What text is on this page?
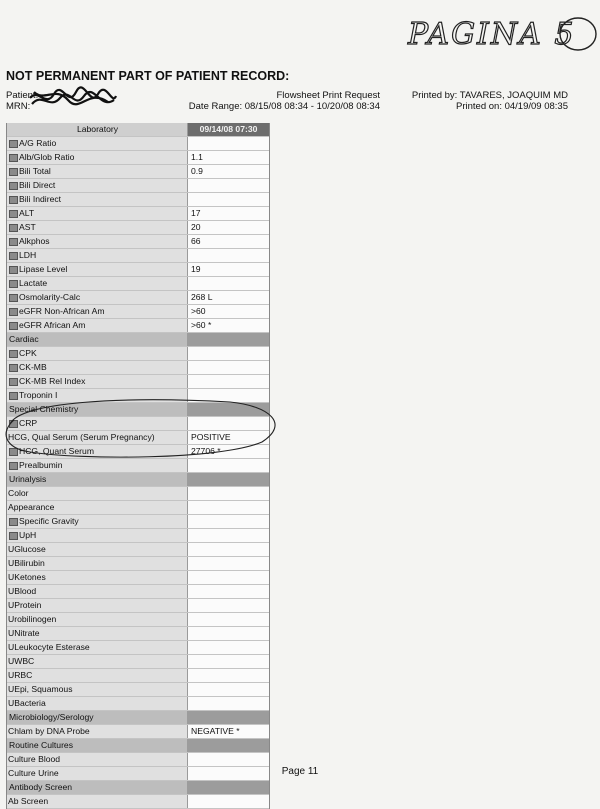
PAGINA 5
NOT PERMANENT PART OF PATIENT RECORD:
Patient:
MRN:
Flowsheet Print Request
Date Range: 08/15/08 08:34 - 10/20/08 08:34
Printed by: TAVARES, JOAQUIM MD
Printed on: 04/19/09 08:35
Laboratory	09/14/08 07:30
A/G Ratio
Alb/Glob Ratio	1.1
Bili Total	0.9
Bili Direct
Bili Indirect
ALT	17
AST	20
Alkphos	66
LDH
Lipase Level	19
Lactate
Osmolarity-Calc	268 L
eGFR Non-African Am	>60
eGFR African Am	>60 *
Cardiac
CPK
CK-MB
CK-MB Rel Index
Troponin I
Special Chemistry
CRP
HCG, Qual Serum (Serum Pregnancy)	POSITIVE
HCG, Quant Serum	27706 *
Prealbumin
Urinalysis
Color
Appearance
Specific Gravity
UpH
UGlucose
UBilirubin
UKetones
UBlood
UProtein
Urobilinogen
UNitrate
ULeukocyte Esterase
UWBC
URBC
UEpi, Squamous
UBacteria
Microbiology/Serology
Chlam by DNA Probe	NEGATIVE *
Routine Cultures
Culture Blood
Culture Urine
Antibody Screen
Ab Screen
Page 11
